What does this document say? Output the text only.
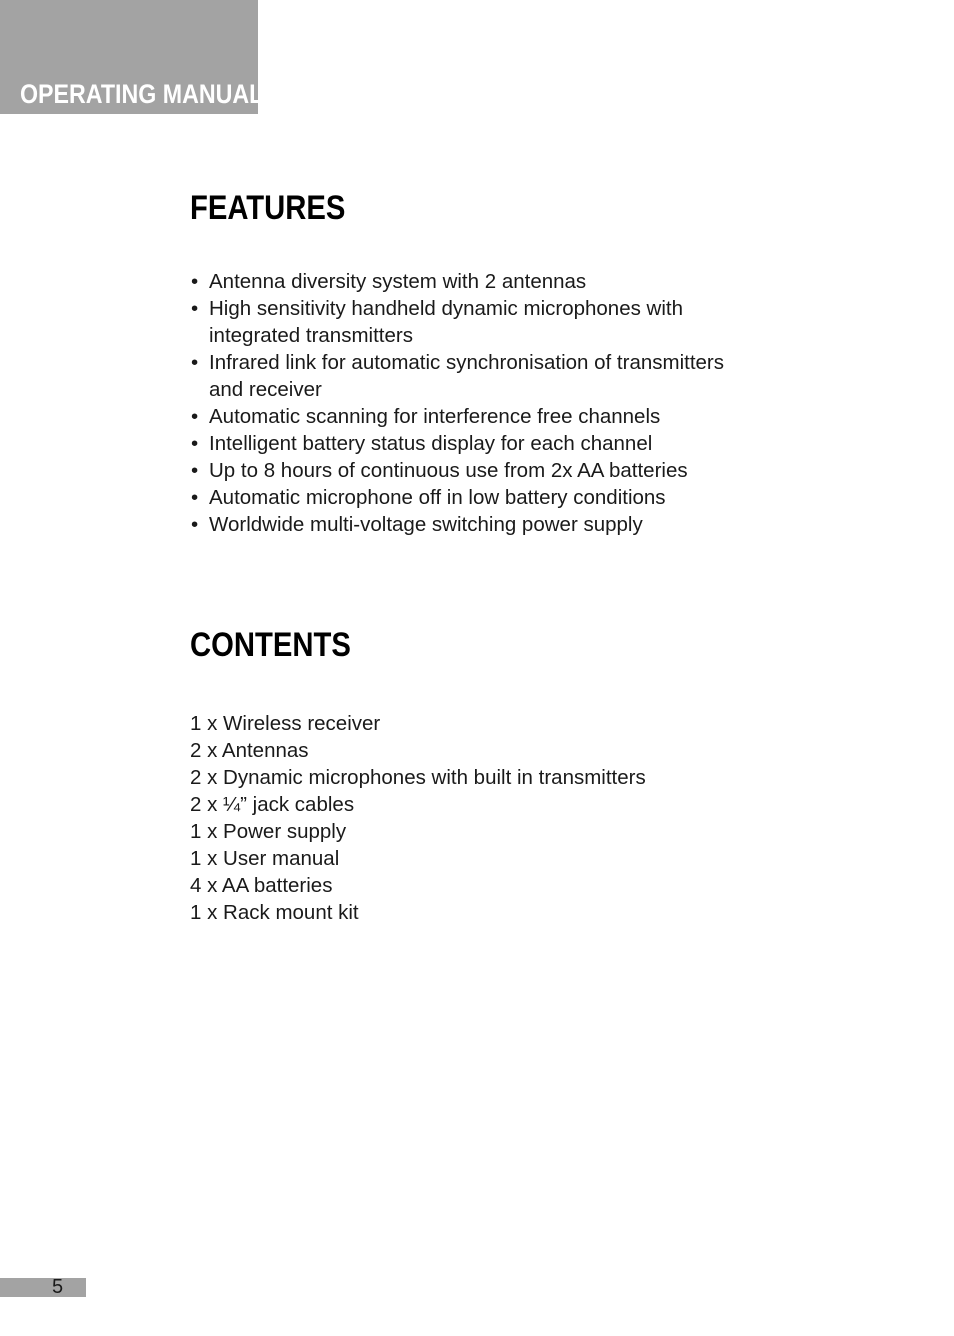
OPERATING MANUAL
FEATURES
• Antenna diversity system with 2 antennas
• High sensitivity handheld dynamic microphones with
integrated transmitters
• Infrared link for automatic synchronisation of transmitters
and receiver
• Automatic scanning for interference free channels
• Intelligent battery status display for each channel
• Up to 8 hours of continuous use from 2x AA batteries
• Automatic microphone off in low battery conditions
• Worldwide multi-voltage switching power supply
CONTENTS
1 x Wireless receiver
2 x Antennas
2 x Dynamic microphones with built in transmitters
2 x ¼” jack cables
1 x Power supply
1 x User manual
4 x AA batteries
1 x Rack mount kit
5
